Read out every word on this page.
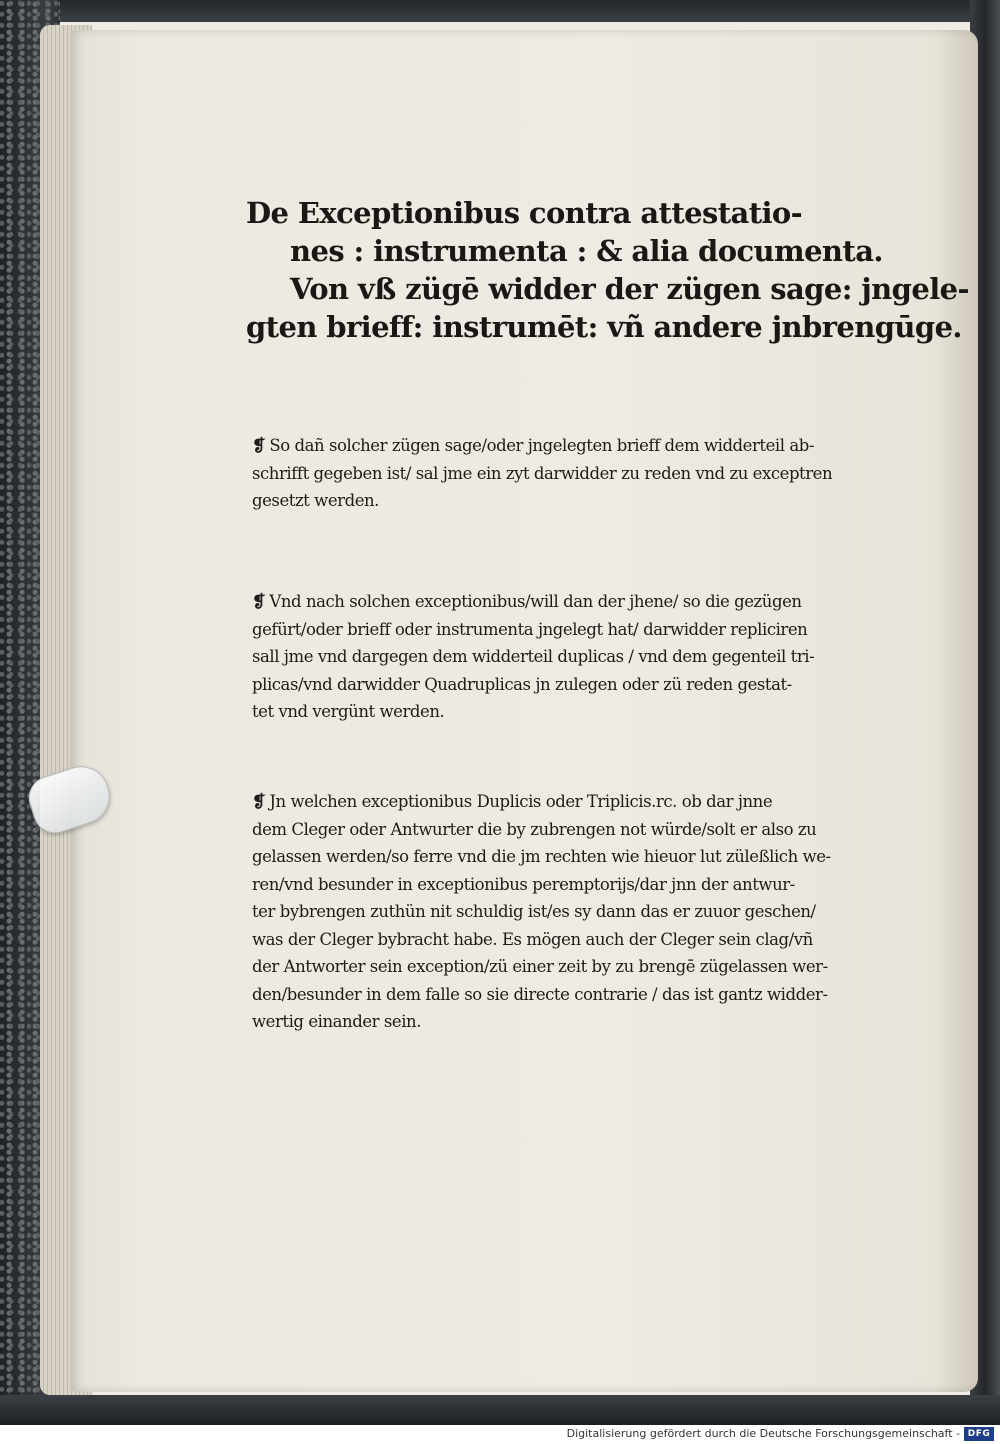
De Exceptionibus contra attestatio-
nes : instrumenta : & alia documenta.
Von vß zügē widder der zügen sage: jngele-
gten brieff: instrumēt: vñ andere jnbrengūge.
❡ So dañ solcher zügen sage/oder jngelegten brieff dem widderteil ab-
schrifft gegeben ist/ sal jme ein zyt darwidder zu reden vnd zu exceptren
gesetzt werden.
❡ Vnd nach solchen exceptionibus/will dan der jhene/ so die gezügen
gefürt/oder brieff oder instrumenta jngelegt hat/ darwidder repliciren
sall jme vnd dargegen dem widderteil duplicas / vnd dem gegenteil tri-
plicas/vnd darwidder Quadruplicas jn zulegen oder zü reden gestat-
tet vnd vergünt werden.
❡ Jn welchen exceptionibus Duplicis oder Triplicis.rc. ob dar jnne
dem Cleger oder Antwurter die by zubrengen not würde/solt er also zu
gelassen werden/so ferre vnd die jm rechten wie hieuor lut züleßlich we-
ren/vnd besunder in exceptionibus peremptorijs/dar jnn der antwur-
ter bybrengen zuthün nit schuldig ist/es sy dann das er zuuor geschen/
was der Cleger bybracht habe. Es mögen auch der Cleger sein clag/vñ
der Antworter sein exception/zü einer zeit by zu brengē zügelassen wer-
den/besunder in dem falle so sie directe contrarie / das ist gantz widder-
wertig einander sein.
Digitalisierung gefördert durch die Deutsche Forschungsgemeinschaft - DFG
